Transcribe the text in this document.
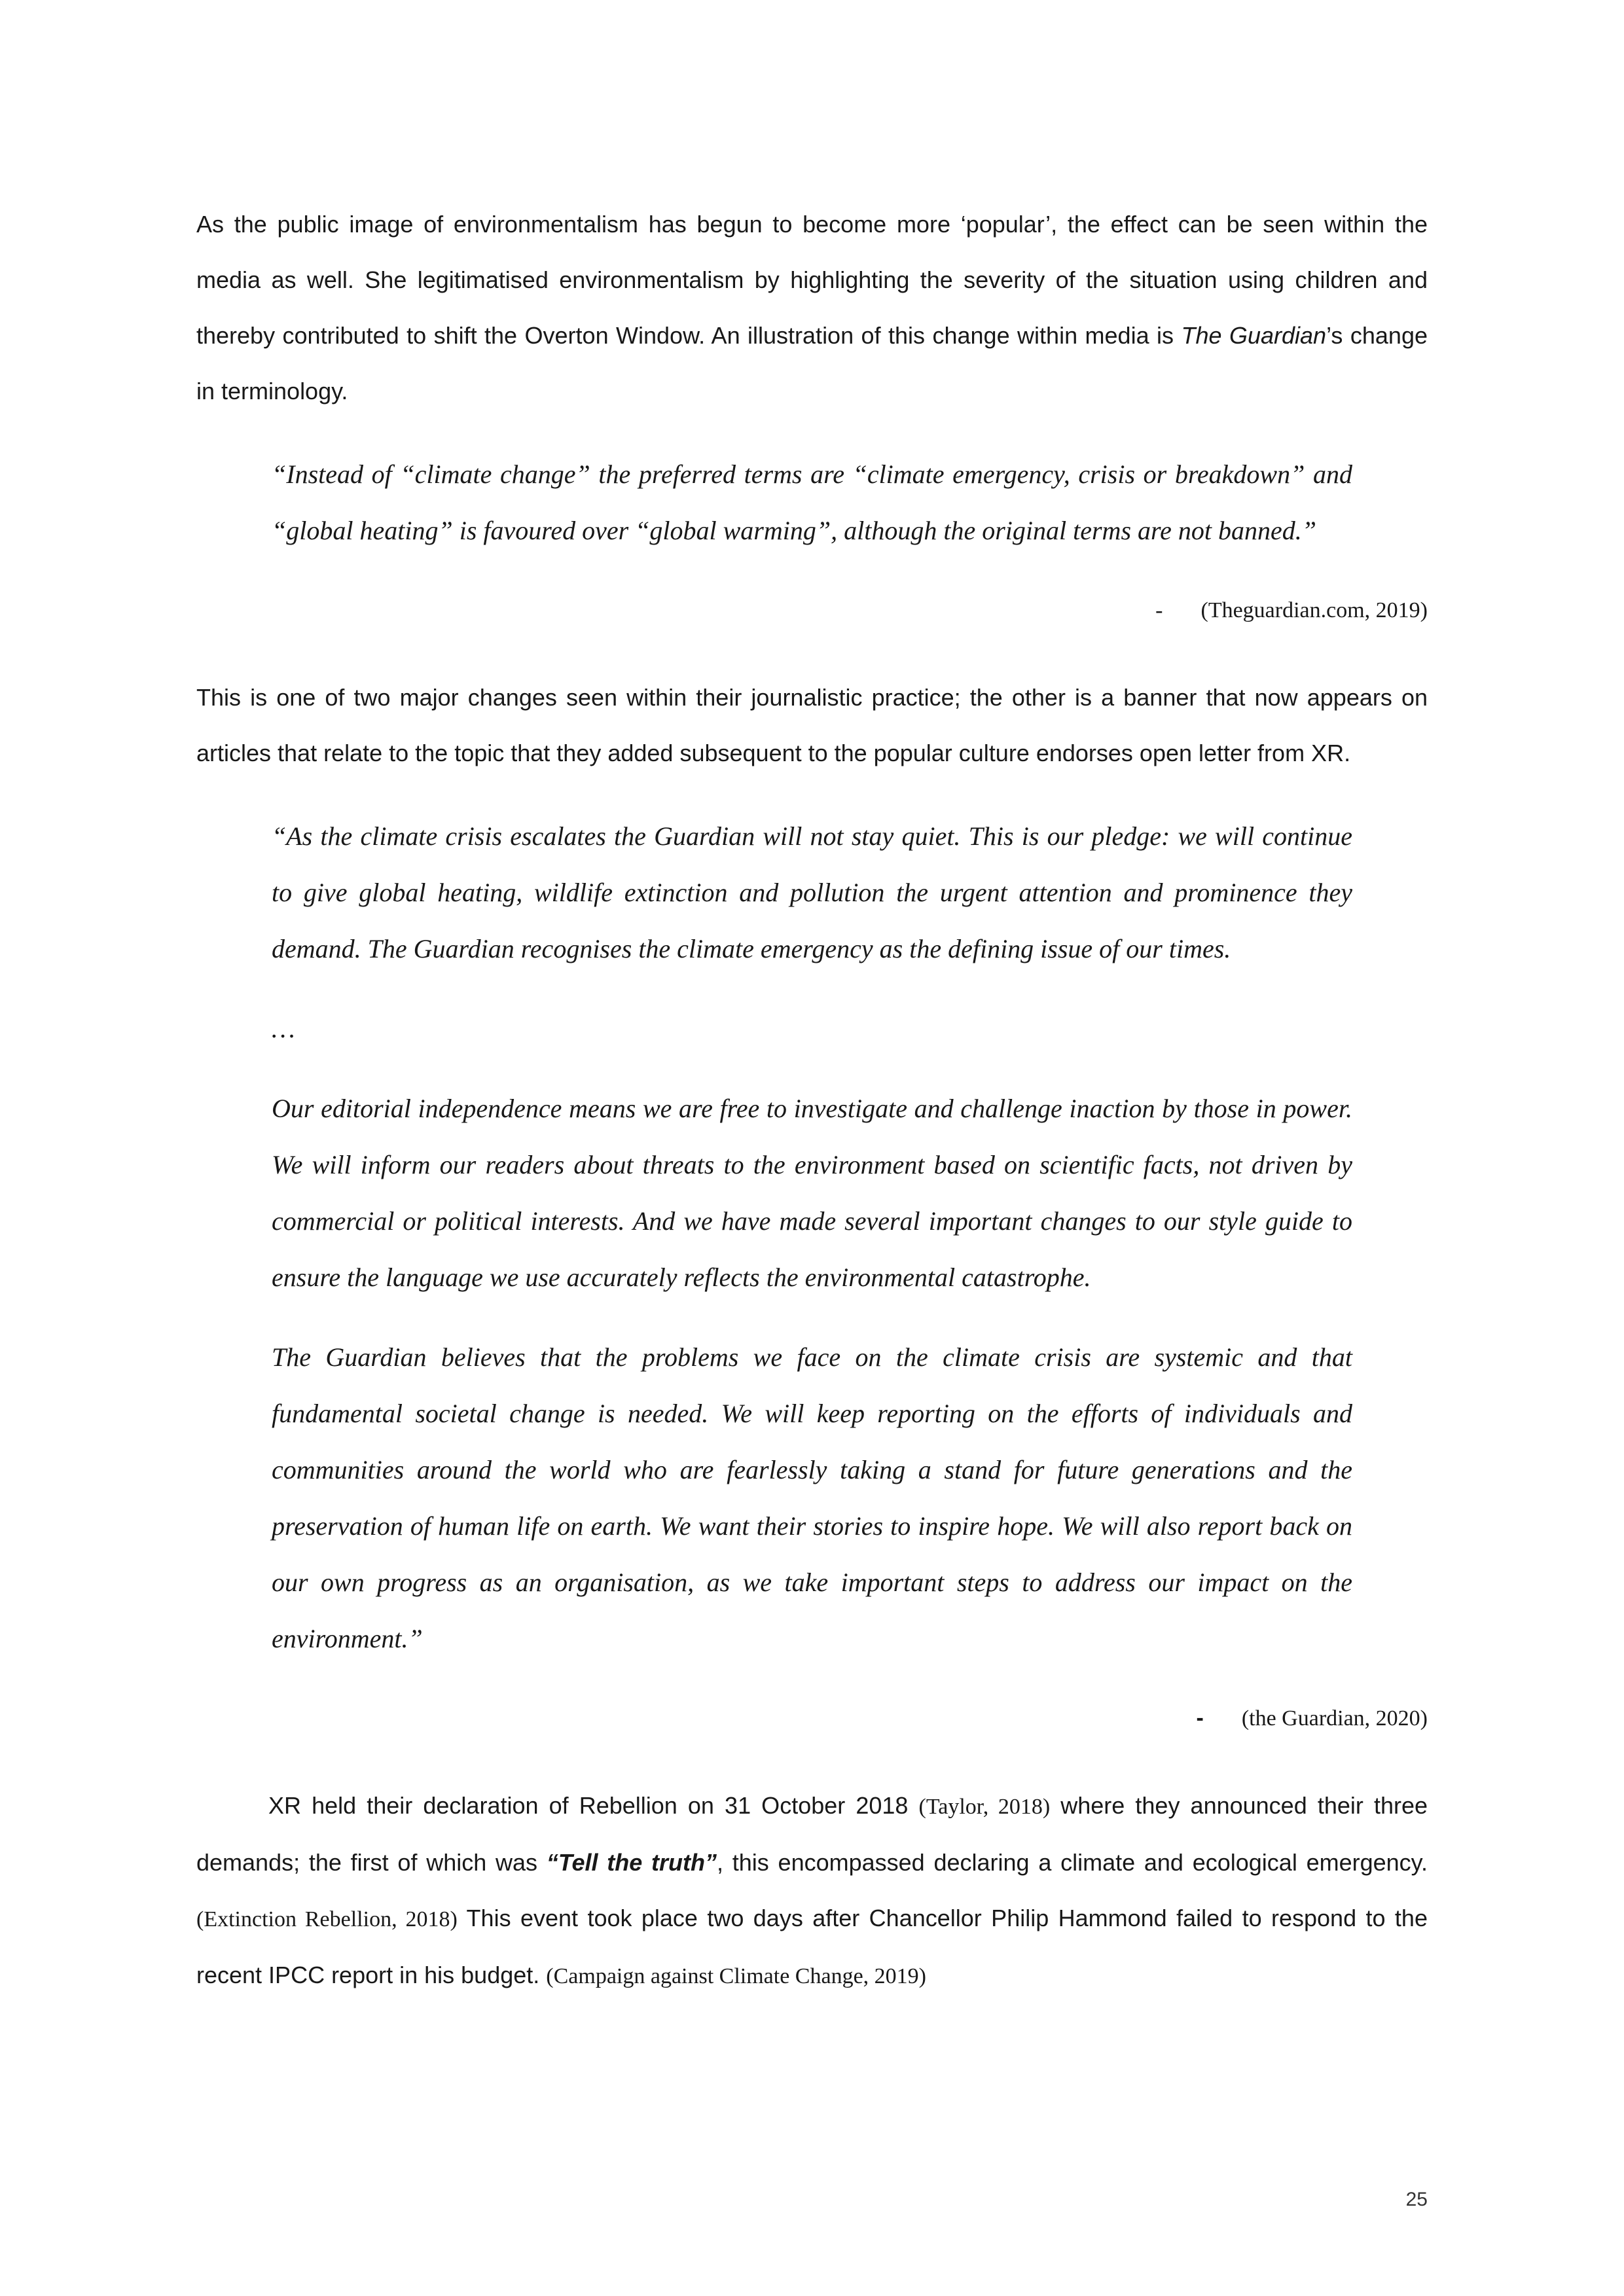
As the public image of environmentalism has begun to become more ‘popular’, the effect can be seen within the media as well. She legitimatised environmentalism by highlighting the severity of the situation using children and thereby contributed to shift the Overton Window. An illustration of this change within media is The Guardian’s change in terminology.

“Instead of “climate change” the preferred terms are “climate emergency, crisis or breakdown” and “global heating” is favoured over “global warming”, although the original terms are not banned.”

- (Theguardian.com, 2019)

This is one of two major changes seen within their journalistic practice; the other is a banner that now appears on articles that relate to the topic that they added subsequent to the popular culture endorses open letter from XR.

“As the climate crisis escalates the Guardian will not stay quiet. This is our pledge: we will continue to give global heating, wildlife extinction and pollution the urgent attention and prominence they demand. The Guardian recognises the climate emergency as the defining issue of our times.

…

Our editorial independence means we are free to investigate and challenge inaction by those in power. We will inform our readers about threats to the environment based on scientific facts, not driven by commercial or political interests. And we have made several important changes to our style guide to ensure the language we use accurately reflects the environmental catastrophe.

The Guardian believes that the problems we face on the climate crisis are systemic and that fundamental societal change is needed. We will keep reporting on the efforts of individuals and communities around the world who are fearlessly taking a stand for future generations and the preservation of human life on earth. We want their stories to inspire hope. We will also report back on our own progress as an organisation, as we take important steps to address our impact on the environment.”

- (the Guardian, 2020)

XR held their declaration of Rebellion on 31 October 2018 (Taylor, 2018) where they announced their three demands; the first of which was “Tell the truth”, this encompassed declaring a climate and ecological emergency. (Extinction Rebellion, 2018) This event took place two days after Chancellor Philip Hammond failed to respond to the recent IPCC report in his budget. (Campaign against Climate Change, 2019)

25
